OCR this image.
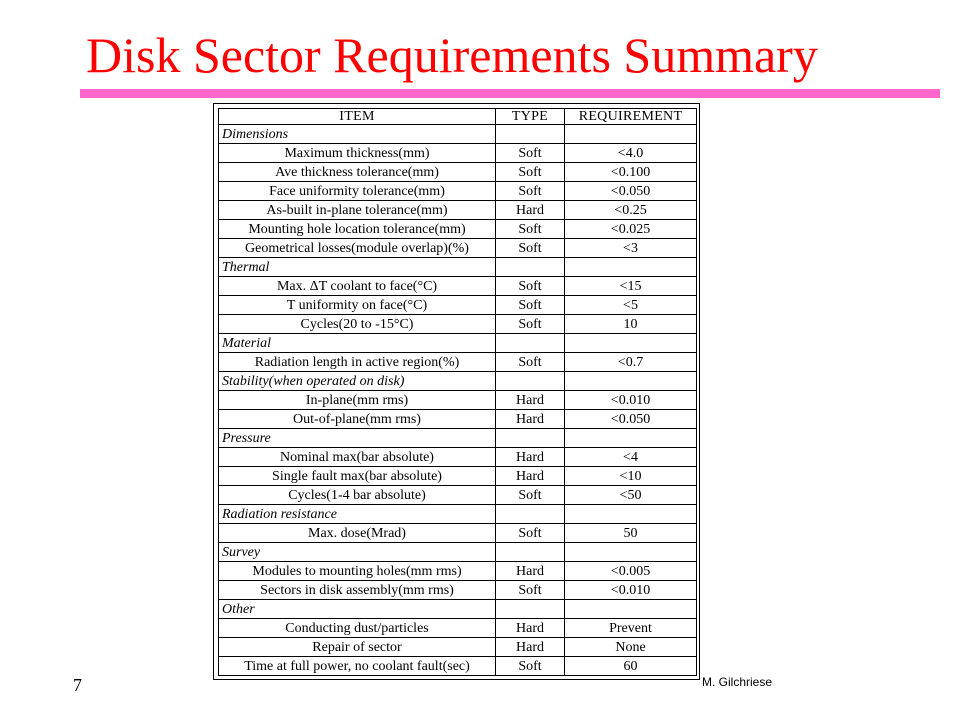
Disk Sector Requirements Summary
ITEM	TYPE	REQUIREMENT
Dimensions		
Maximum thickness(mm)	Soft	<4.0
Ave thickness tolerance(mm)	Soft	<0.100
Face uniformity tolerance(mm)	Soft	<0.050
As-built in-plane tolerance(mm)	Hard	<0.25
Mounting hole location tolerance(mm)	Soft	<0.025
Geometrical losses(module overlap)(%)	Soft	<3
Thermal		
Max. ΔT coolant to face(°C)	Soft	<15
T uniformity on face(°C)	Soft	<5
Cycles(20 to -15°C)	Soft	10
Material		
Radiation length in active region(%)	Soft	<0.7
Stability(when operated on disk)		
In-plane(mm rms)	Hard	<0.010
Out-of-plane(mm rms)	Hard	<0.050
Pressure		
Nominal max(bar absolute)	Hard	<4
Single fault max(bar absolute)	Hard	<10
Cycles(1-4 bar absolute)	Soft	<50
Radiation resistance		
Max. dose(Mrad)	Soft	50
Survey		
Modules to mounting holes(mm rms)	Hard	<0.005
Sectors in disk assembly(mm rms)	Soft	<0.010
Other		
Conducting dust/particles	Hard	Prevent
Repair of sector	Hard	None
Time at full power, no coolant fault(sec)	Soft	60
7	M. Gilchriese
